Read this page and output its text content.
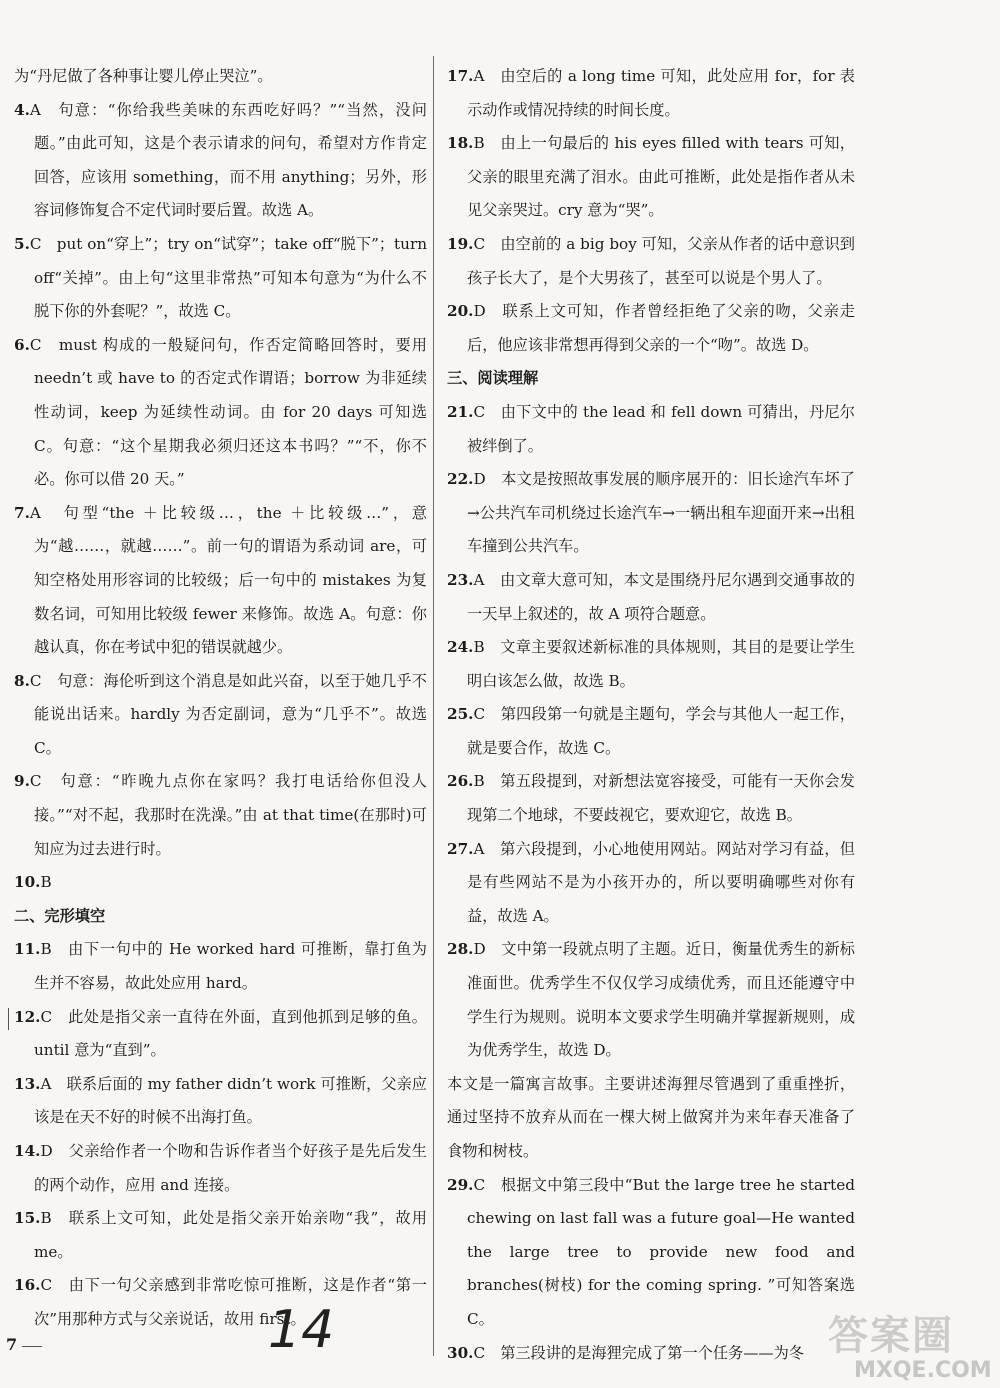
为“丹尼做了各种事让婴儿停止哭泣”。
4.A　句意：“你给我些美味的东西吃好吗？”“当然，没问题。”由此可知，这是个表示请求的问句，希望对方作肯定回答，应该用 something，而不用 anything；另外，形容词修饰复合不定代词时要后置。故选 A。
5.C　put on“穿上”；try on“试穿”；take off“脱下”；turn off“关掉”。由上句“这里非常热”可知本句意为“为什么不脱下你的外套呢？”，故选 C。
6.C　must 构成的一般疑问句，作否定简略回答时，要用 needn’t 或 have to 的否定式作谓语；borrow 为非延续性动词，keep 为延续性动词。由 for 20 days 可知选 C。句意：“这个星期我必须归还这本书吗？”“不，你不必。你可以借 20 天。”
7.A　句型“the ＋比较级…，the ＋比较级…”，意为“越……，就越……”。前一句的谓语为系动词 are，可知空格处用形容词的比较级；后一句中的 mistakes 为复数名词，可知用比较级 fewer 来修饰。故选 A。句意：你越认真，你在考试中犯的错误就越少。
8.C　句意：海伦听到这个消息是如此兴奋，以至于她几乎不能说出话来。hardly 为否定副词，意为“几乎不”。故选 C。
9.C　句意：“昨晚九点你在家吗？我打电话给你但没人接。”“对不起，我那时在洗澡。”由 at that time(在那时)可知应为过去进行时。
10.B
二、完形填空
11.B　由下一句中的 He worked hard 可推断，靠打鱼为生并不容易，故此处应用 hard。
12.C　此处是指父亲一直待在外面，直到他抓到足够的鱼。until 意为“直到”。
13.A　联系后面的 my father didn’t work 可推断，父亲应该是在天不好的时候不出海打鱼。
14.D　父亲给作者一个吻和告诉作者当个好孩子是先后发生的两个动作，应用 and 连接。
15.B　联系上文可知，此处是指父亲开始亲吻“我”，故用 me。
16.C　由下一句父亲感到非常吃惊可推断，这是作者“第一次”用那种方式与父亲说话，故用 first。
17.A　由空后的 a long time 可知，此处应用 for，for 表示动作或情况持续的时间长度。
18.B　由上一句最后的 his eyes filled with tears 可知，父亲的眼里充满了泪水。由此可推断，此处是指作者从未见父亲哭过。cry 意为“哭”。
19.C　由空前的 a big boy 可知，父亲从作者的话中意识到孩子长大了，是个大男孩了，甚至可以说是个男人了。
20.D　联系上文可知，作者曾经拒绝了父亲的吻，父亲走后，他应该非常想再得到父亲的一个“吻”。故选 D。
三、阅读理解
21.C　由下文中的 the lead 和 fell down 可猜出，丹尼尔被绊倒了。
22.D　本文是按照故事发展的顺序展开的：旧长途汽车坏了→公共汽车司机绕过长途汽车→一辆出租车迎面开来→出租车撞到公共汽车。
23.A　由文章大意可知，本文是围绕丹尼尔遇到交通事故的一天早上叙述的，故 A 项符合题意。
24.B　文章主要叙述新标准的具体规则，其目的是要让学生明白该怎么做，故选 B。
25.C　第四段第一句就是主题句，学会与其他人一起工作，就是要合作，故选 C。
26.B　第五段提到，对新想法宽容接受，可能有一天你会发现第二个地球，不要歧视它，要欢迎它，故选 B。
27.A　第六段提到，小心地使用网站。网站对学习有益，但是有些网站不是为小孩开办的，所以要明确哪些对你有益，故选 A。
28.D　文中第一段就点明了主题。近日，衡量优秀生的新标准面世。优秀学生不仅仅学习成绩优秀，而且还能遵守中学生行为规则。说明本文要求学生明确并掌握新规则，成为优秀学生，故选 D。
本文是一篇寓言故事。主要讲述海狸尽管遇到了重重挫折，通过坚持不放弃从而在一棵大树上做窝并为来年春天准备了食物和树枝。
29.C　根据文中第三段中“But the large tree he started chewing on last fall was a future goal—He wanted the large tree to provide new food and branches(树枝) for the coming spring. ”可知答案选 C。
30.C　第三段讲的是海狸完成了第一个任务——为冬
7	14	答案圈
MXQE.COM
